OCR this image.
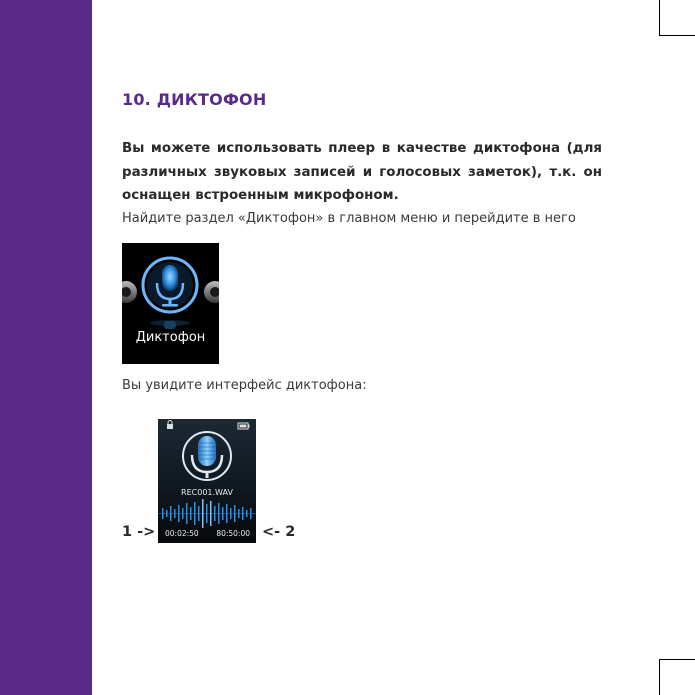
10. ДИКТОФОН
Вы можете использовать плеер в качестве диктофона (для различных звуковых записей и голосовых заметок), т.к. он оснащен встроенным микрофоном.
Найдите раздел «Диктофон» в главном меню и перейдите в него
Диктофон
Вы увидите интерфейс диктофона:
REC001.WAV
00:02:50 80:50:00
1 ->	<- 2
